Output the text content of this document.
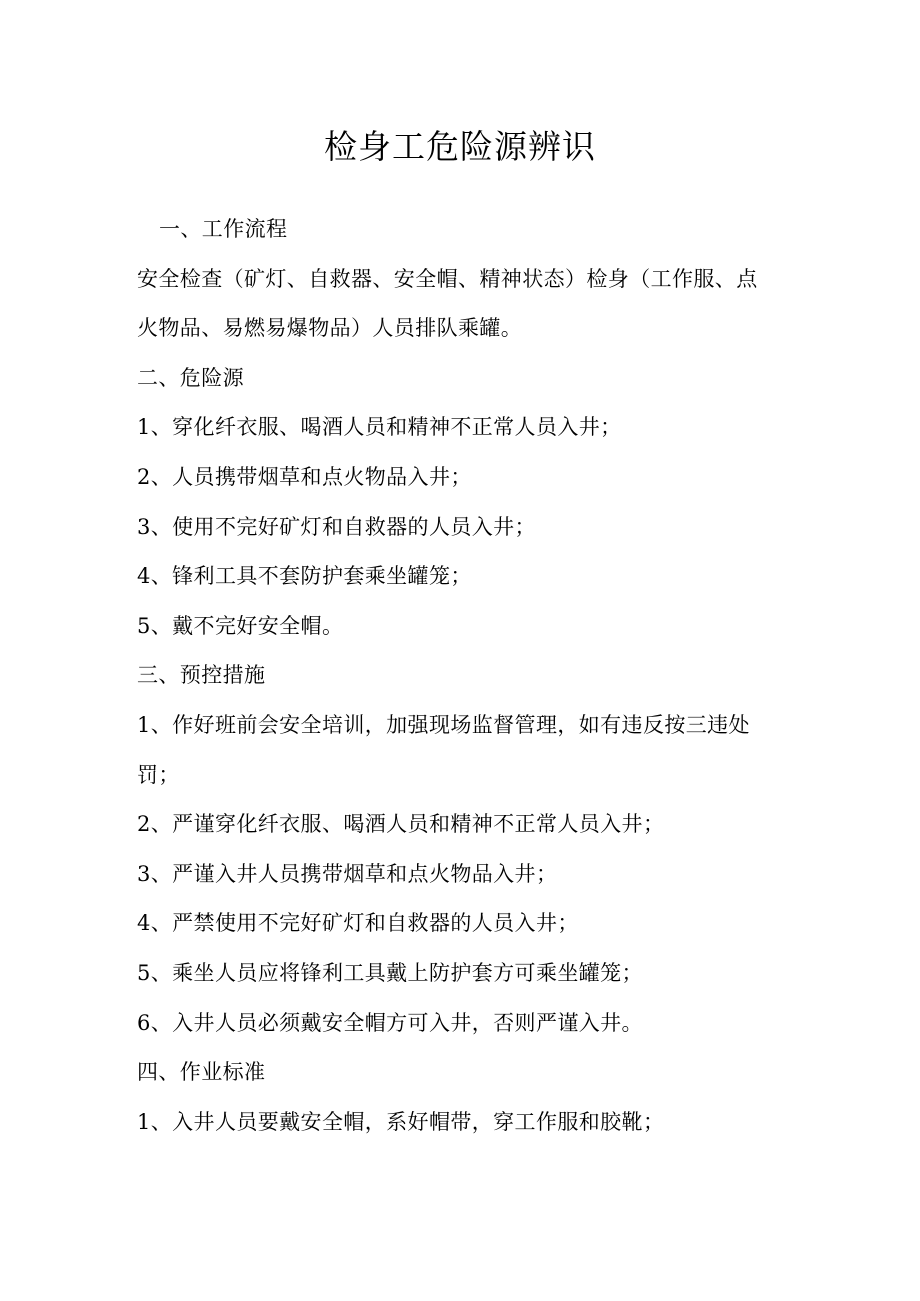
检身工危险源辨识
一、工作流程
安全检查（矿灯、自救器、安全帽、精神状态）检身（工作服、点
火物品、易燃易爆物品）人员排队乘罐。
二、危险源
1、穿化纤衣服、喝酒人员和精神不正常人员入井；
2、人员携带烟草和点火物品入井；
3、使用不完好矿灯和自救器的人员入井；
4、锋利工具不套防护套乘坐罐笼；
5、戴不完好安全帽。
三、预控措施
1、作好班前会安全培训，加强现场监督管理，如有违反按三违处
罚；
2、严谨穿化纤衣服、喝酒人员和精神不正常人员入井；
3、严谨入井人员携带烟草和点火物品入井；
4、严禁使用不完好矿灯和自救器的人员入井；
5、乘坐人员应将锋利工具戴上防护套方可乘坐罐笼；
6、入井人员必须戴安全帽方可入井，否则严谨入井。
四、作业标准
1、入井人员要戴安全帽，系好帽带，穿工作服和胶靴；
